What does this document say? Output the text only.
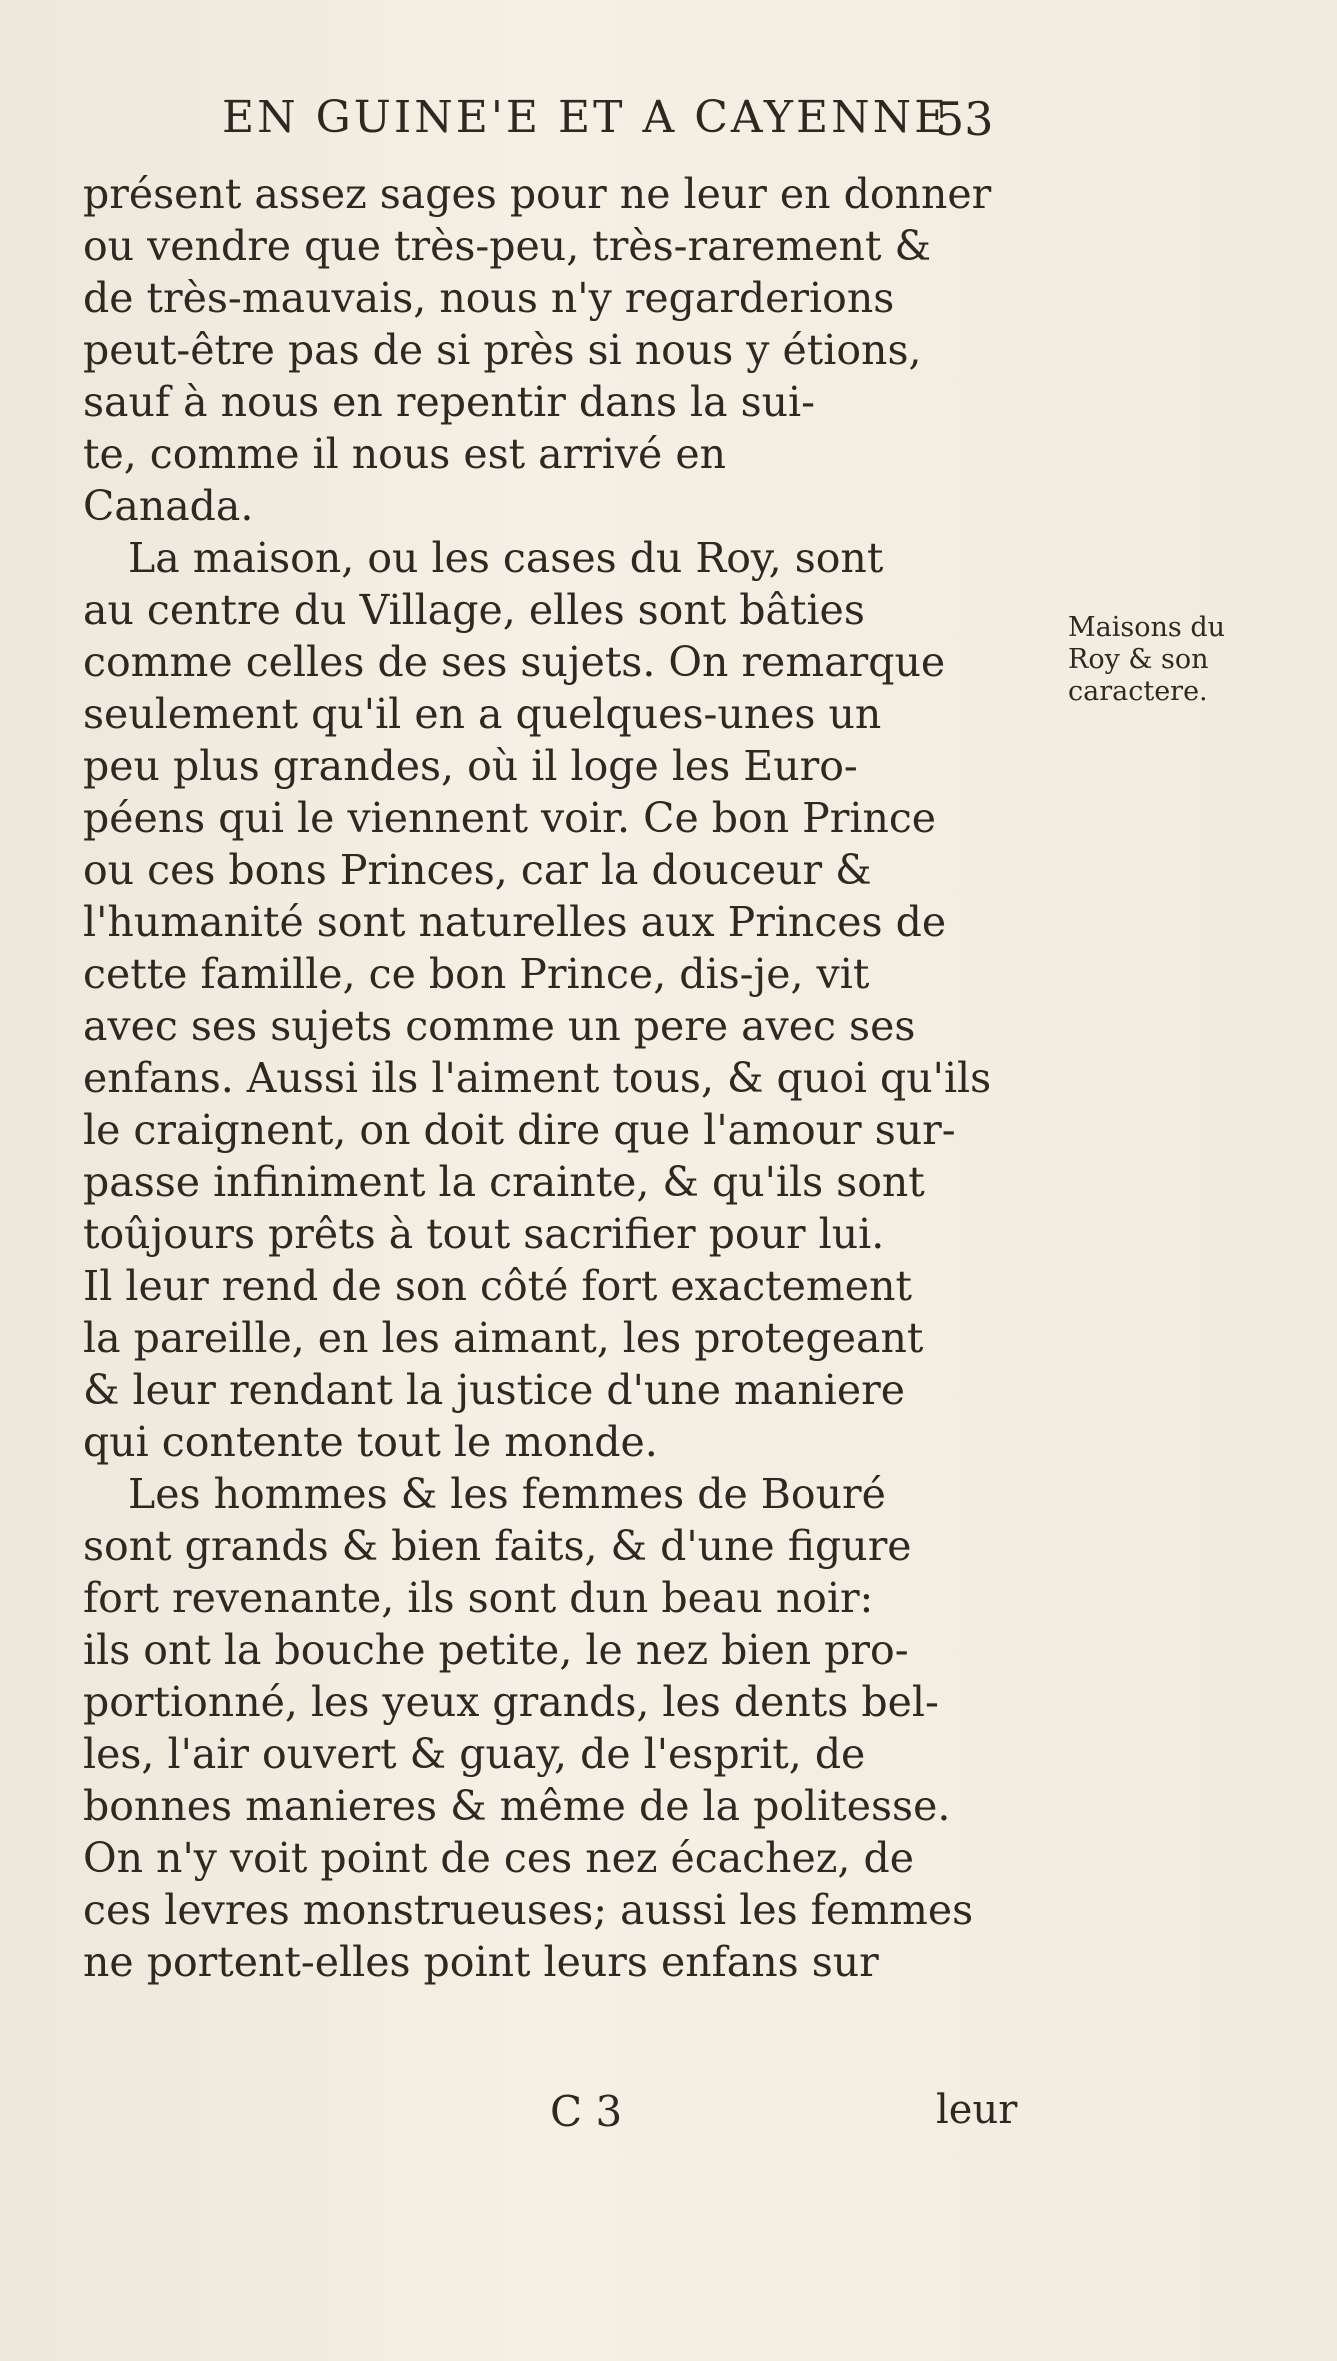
EN GUINE'E ET A CAYENNE
53
présent assez sages pour ne leur en donner
ou vendre que très-peu, très-rarement &
de très-mauvais, nous n'y regarderions
peut-être pas de si près si nous y étions,
sauf à nous en repentir dans la sui-
te, comme il nous est arrivé en
Canada.
La maison, ou les cases du Roy, sont
au centre du Village, elles sont bâties
comme celles de ses sujets. On remarque
seulement qu'il en a quelques-unes un
peu plus grandes, où il loge les Euro-
péens qui le viennent voir. Ce bon Prince
ou ces bons Princes, car la douceur &
l'humanité sont naturelles aux Princes de
cette famille, ce bon Prince, dis-je, vit
avec ses sujets comme un pere avec ses
enfans. Aussi ils l'aiment tous, & quoi qu'ils
le craignent, on doit dire que l'amour sur-
passe infiniment la crainte, & qu'ils sont
toûjours prêts à tout sacrifier pour lui.
Il leur rend de son côté fort exactement
la pareille, en les aimant, les protegeant
& leur rendant la justice d'une maniere
qui contente tout le monde.
Les hommes & les femmes de Bouré
sont grands & bien faits, & d'une figure
fort revenante, ils sont dun beau noir:
ils ont la bouche petite, le nez bien pro-
portionné, les yeux grands, les dents bel-
les, l'air ouvert & guay, de l'esprit, de
bonnes manieres & même de la politesse.
On n'y voit point de ces nez écachez, de
ces levres monstrueuses; aussi les femmes
ne portent-elles point leurs enfans sur
Maisons du
Roy & son
caractere.
C 3	leur
